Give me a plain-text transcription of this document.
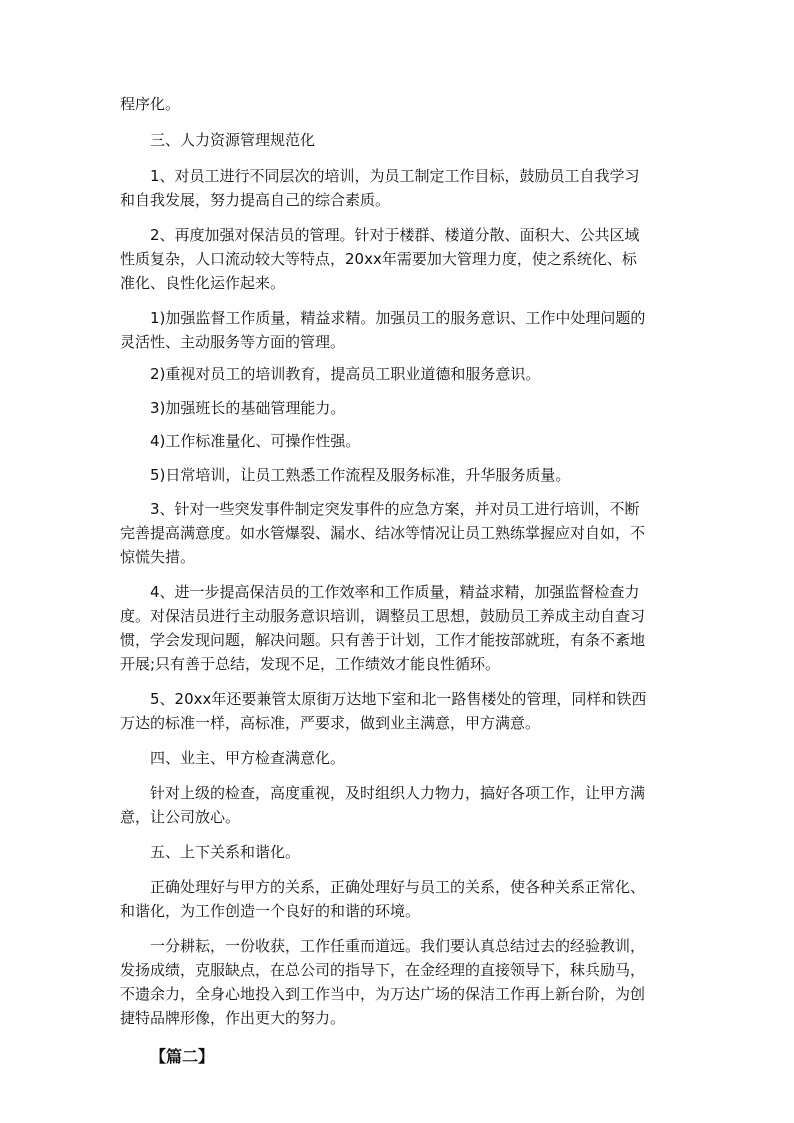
程序化。
三、人力资源管理规范化
1、对员工进行不同层次的培训，为员工制定工作目标，鼓励员工自我学习
和自我发展，努力提高自己的综合素质。
2、再度加强对保洁员的管理。针对于楼群、楼道分散、面积大、公共区域
性质复杂，人口流动较大等特点，20xx年需要加大管理力度，使之系统化、标
准化、良性化运作起来。
1)加强监督工作质量，精益求精。加强员工的服务意识、工作中处理问题的
灵活性、主动服务等方面的管理。
2)重视对员工的培训教育，提高员工职业道德和服务意识。
3)加强班长的基础管理能力。
4)工作标准量化、可操作性强。
5)日常培训，让员工熟悉工作流程及服务标准，升华服务质量。
3、针对一些突发事件制定突发事件的应急方案，并对员工进行培训，不断
完善提高满意度。如水管爆裂、漏水、结冰等情况让员工熟练掌握应对自如，不
惊慌失措。
4、进一步提高保洁员的工作效率和工作质量，精益求精，加强监督检查力
度。对保洁员进行主动服务意识培训，调整员工思想，鼓励员工养成主动自查习
惯，学会发现问题，解决问题。只有善于计划，工作才能按部就班，有条不紊地
开展;只有善于总结，发现不足，工作绩效才能良性循环。
5、20xx年还要兼管太原街万达地下室和北一路售楼处的管理，同样和铁西
万达的标准一样，高标准，严要求，做到业主满意，甲方满意。
四、业主、甲方检查满意化。
针对上级的检查，高度重视，及时组织人力物力，搞好各项工作，让甲方满
意，让公司放心。
五、上下关系和谐化。
正确处理好与甲方的关系，正确处理好与员工的关系，使各种关系正常化、
和谐化，为工作创造一个良好的和谐的环境。
一分耕耘，一份收获，工作任重而道远。我们要认真总结过去的经验教训，
发扬成绩，克服缺点，在总公司的指导下，在金经理的直接领导下，秣兵励马，
不遗余力，全身心地投入到工作当中，为万达广场的保洁工作再上新台阶，为创
捷特品牌形像，作出更大的努力。
【篇二】
